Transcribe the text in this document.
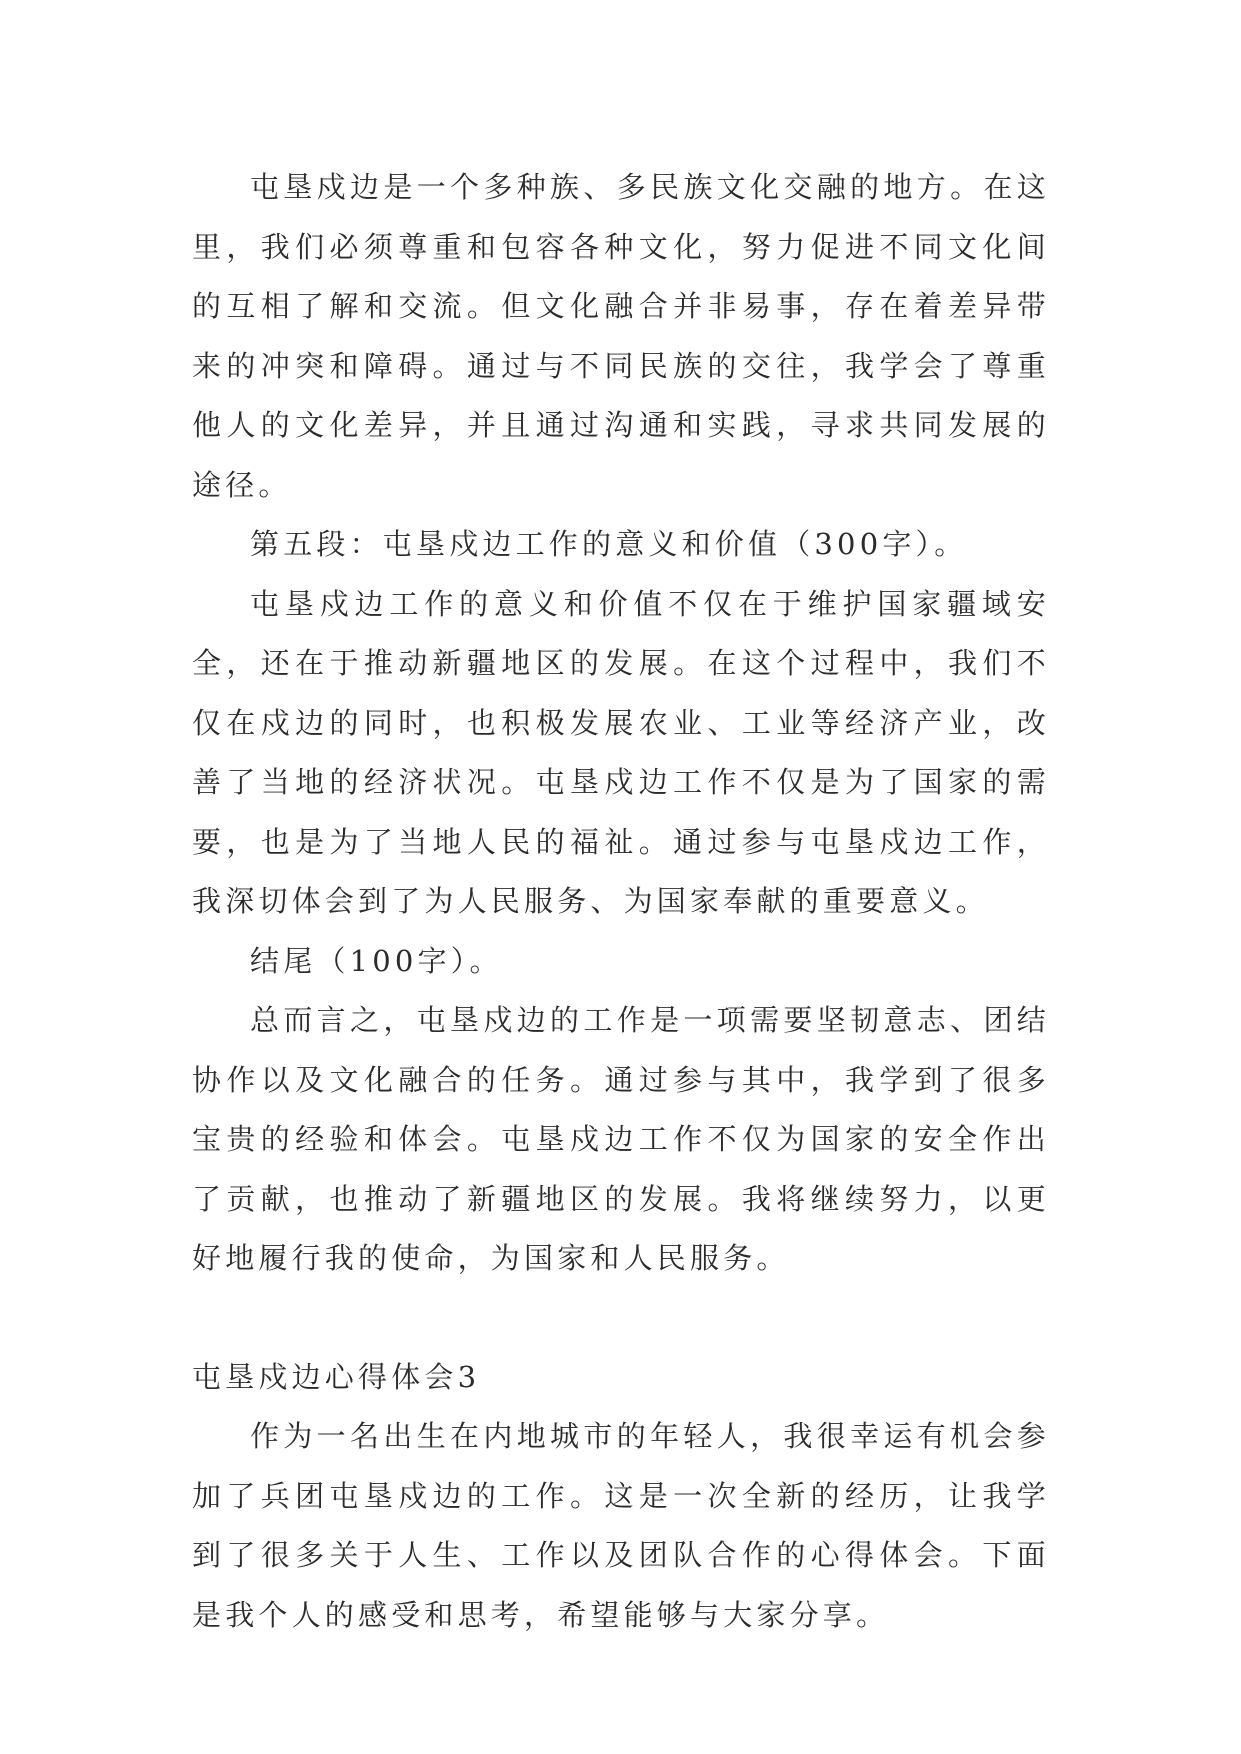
屯垦戍边是一个多种族、多民族文化交融的地方。在这里，我们必须尊重和包容各种文化，努力促进不同文化间的互相了解和交流。但文化融合并非易事，存在着差异带来的冲突和障碍。通过与不同民族的交往，我学会了尊重他人的文化差异，并且通过沟通和实践，寻求共同发展的途径。

第五段：屯垦戍边工作的意义和价值（300字）。

屯垦戍边工作的意义和价值不仅在于维护国家疆域安全，还在于推动新疆地区的发展。在这个过程中，我们不仅在戍边的同时，也积极发展农业、工业等经济产业，改善了当地的经济状况。屯垦戍边工作不仅是为了国家的需要，也是为了当地人民的福祉。通过参与屯垦戍边工作，我深切体会到了为人民服务、为国家奉献的重要意义。

结尾（100字）。

总而言之，屯垦戍边的工作是一项需要坚韧意志、团结协作以及文化融合的任务。通过参与其中，我学到了很多宝贵的经验和体会。屯垦戍边工作不仅为国家的安全作出了贡献，也推动了新疆地区的发展。我将继续努力，以更好地履行我的使命，为国家和人民服务。

屯垦戍边心得体会3

作为一名出生在内地城市的年轻人，我很幸运有机会参加了兵团屯垦戍边的工作。这是一次全新的经历，让我学到了很多关于人生、工作以及团队合作的心得体会。下面是我个人的感受和思考，希望能够与大家分享。
